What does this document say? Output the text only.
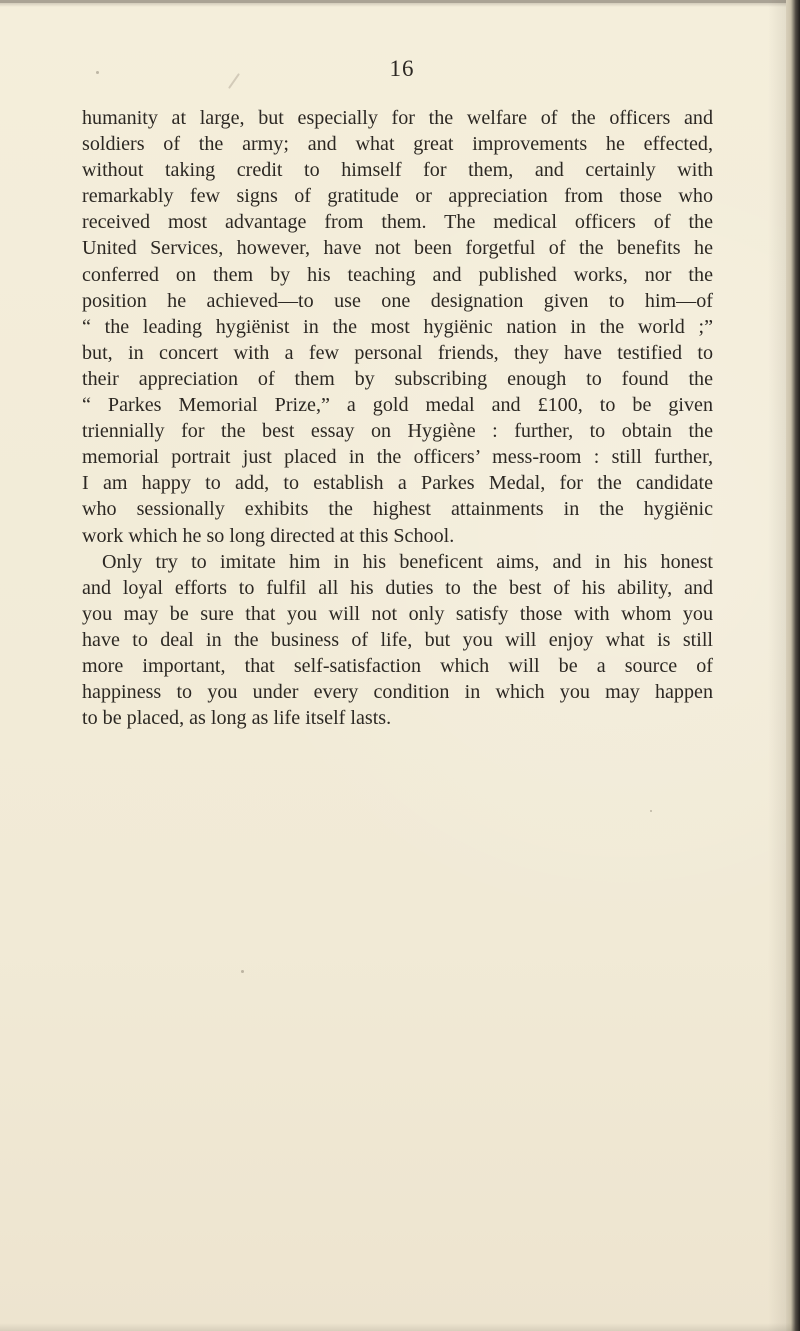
16
humanity at large, but especially for the welfare of the officers and
soldiers of the army; and what great improvements he effected,
without taking credit to himself for them, and certainly with
remarkably few signs of gratitude or appreciation from those who
received most advantage from them. The medical officers of the
United Services, however, have not been forgetful of the benefits he
conferred on them by his teaching and published works, nor the
position he achieved—to use one designation given to him—of
“ the leading hygiënist in the most hygiënic nation in the world ;”
but, in concert with a few personal friends, they have testified to
their appreciation of them by subscribing enough to found the
“ Parkes Memorial Prize,” a gold medal and £100, to be given
triennially for the best essay on Hygiène : further, to obtain the
memorial portrait just placed in the officers’ mess-room : still further,
I am happy to add, to establish a Parkes Medal, for the candidate
who sessionally exhibits the highest attainments in the hygiënic
work which he so long directed at this School.
Only try to imitate him in his beneficent aims, and in his honest
and loyal efforts to fulfil all his duties to the best of his ability, and
you may be sure that you will not only satisfy those with whom you
have to deal in the business of life, but you will enjoy what is still
more important, that self-satisfaction which will be a source of
happiness to you under every condition in which you may happen
to be placed, as long as life itself lasts.
